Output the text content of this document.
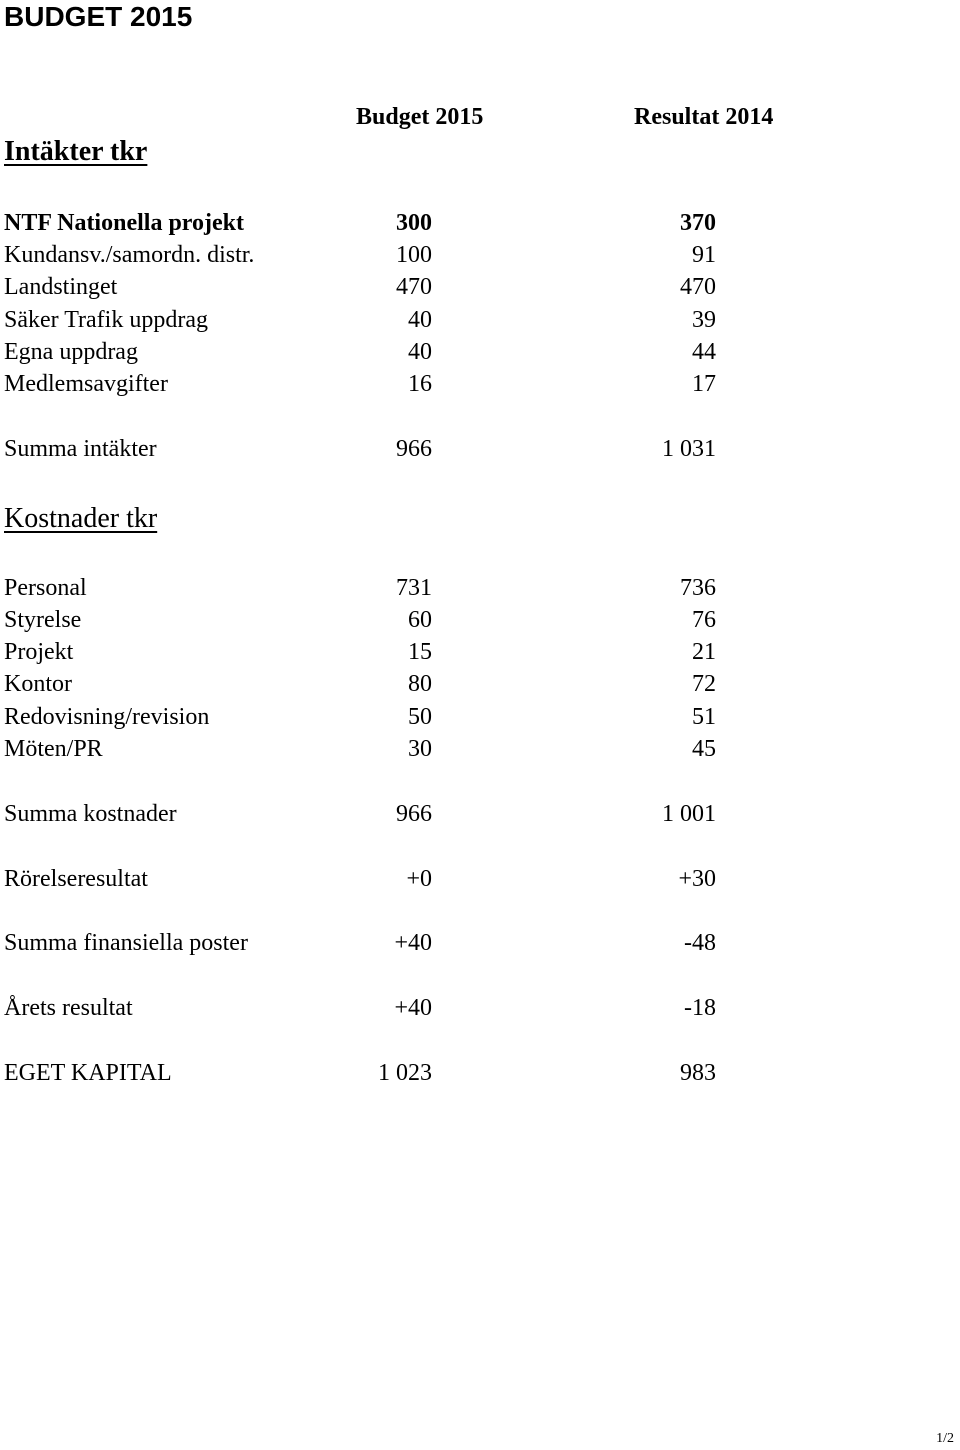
BUDGET 2015
Budget 2015	Resultat 2014
Intäkter tkr
NTF Nationella projekt	300	370
Kundansv./samordn. distr.	100	91
Landstinget	470	470
Säker Trafik uppdrag	40	39
Egna uppdrag	40	44
Medlemsavgifter	16	17
Summa intäkter	966	1 031
Kostnader tkr
Personal	731	736
Styrelse	60	76
Projekt	15	21
Kontor	80	72
Redovisning/revision	50	51
Möten/PR	30	45
Summa kostnader	966	1 001
Rörelseresultat	+0	+30
Summa finansiella poster	+40	-48
Årets resultat	+40	-18
EGET KAPITAL	1 023	983
1/2
